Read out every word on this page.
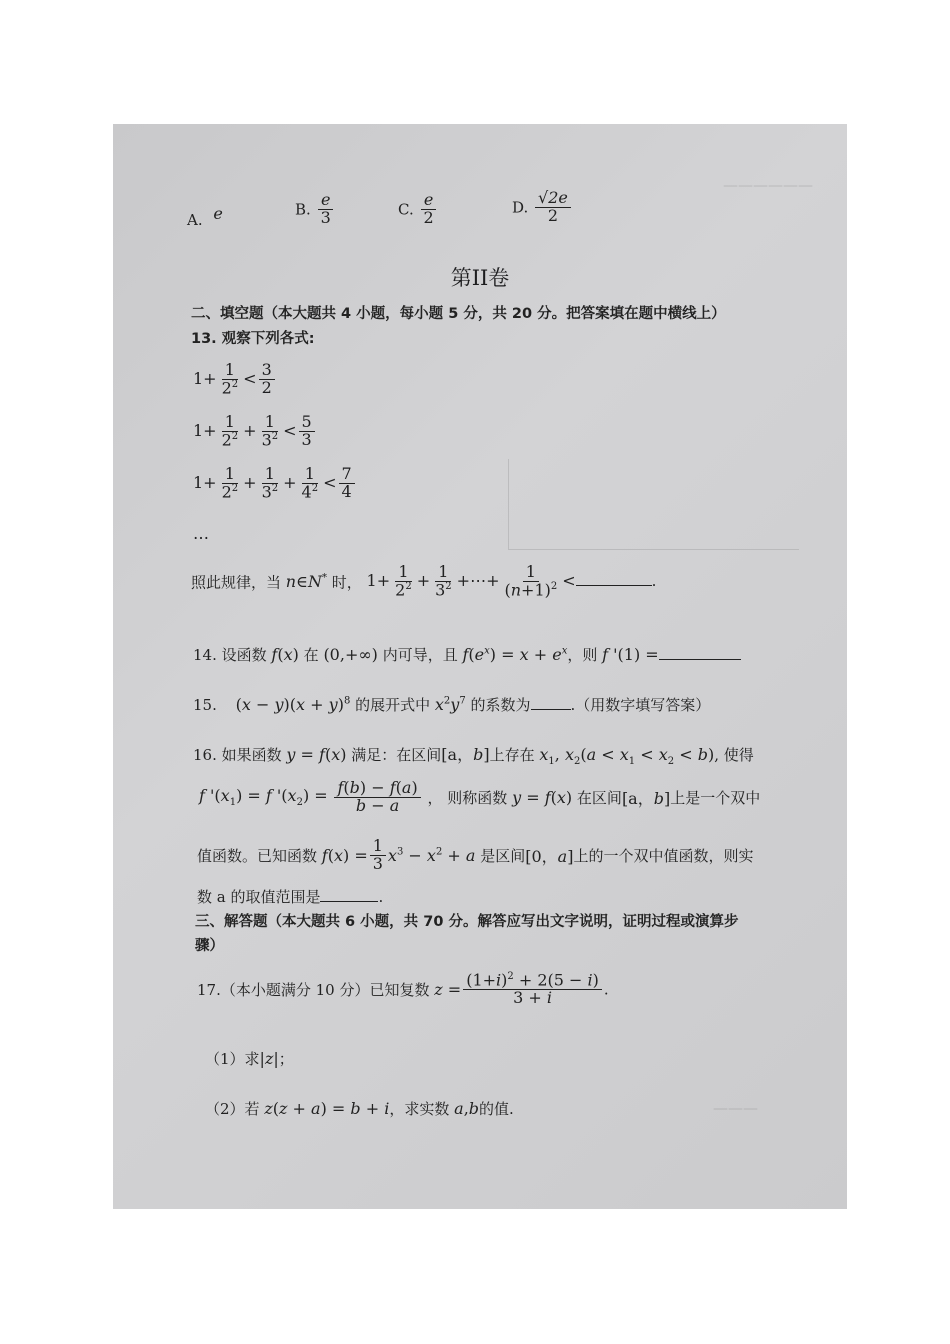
——————
A. e	B. $\frac{e}{3}$	C. $\frac{e}{2}$	D. $\frac{√2e}{2}$
第II卷
二、填空题（本大题共 4 小题，每小题 5 分，共 20 分。把答案填在题中横线上）
13. 观察下列各式:
$1+ \frac{1}{2^2} < \frac{3}{2}$
$1+ \frac{1}{2^2} + \frac{1}{3^2} < \frac{5}{3}$
$1+ \frac{1}{2^2} + \frac{1}{3^2} + \frac{1}{4^2} < \frac{7}{4}$
…
照此规律，当 n∈N* 时， $1+ \frac{1}{2^2} + \frac{1}{3^2}$ +⋯+ $\frac{1}{(n+1)^2}$ <	.
14. 设函数 f(x) 在 (0,+∞) 内可导，且 $f(e^x) = x + e^x$，则 f '(1) =
15. $(x - y)(x + y)^8$ 的展开式中 $x^2y^7$ 的系数为	.（用数字填写答案）
16. 如果函数 y = f(x) 满足：在区间[a，b]上存在 $x_1$, $x_2(a < x_1 < x_2 < b)$, 使得
f '$(x_1) = f$ '$(x_2) = \frac{f(b) - f(a)}{b - a}$ ， 则称函数 y = f(x) 在区间[a，b]上是一个双中
值函数。已知函数 $f(x) = \frac{1}{3} x^3 - x^2 + a$ 是区间[0，a]上的一个双中值函数，则实
数 a 的取值范围是	.
三、解答题（本大题共 6 小题，共 70 分。解答应写出文字说明，证明过程或演算步
骤）
17.（本小题满分 10 分）已知复数 $z = \frac{(1+i)^2 + 2(5 - i)}{3 + i}$ .
（1）求|z|；
（2）若 z(z + a) = b + i，求实数 a,b的值.	———
